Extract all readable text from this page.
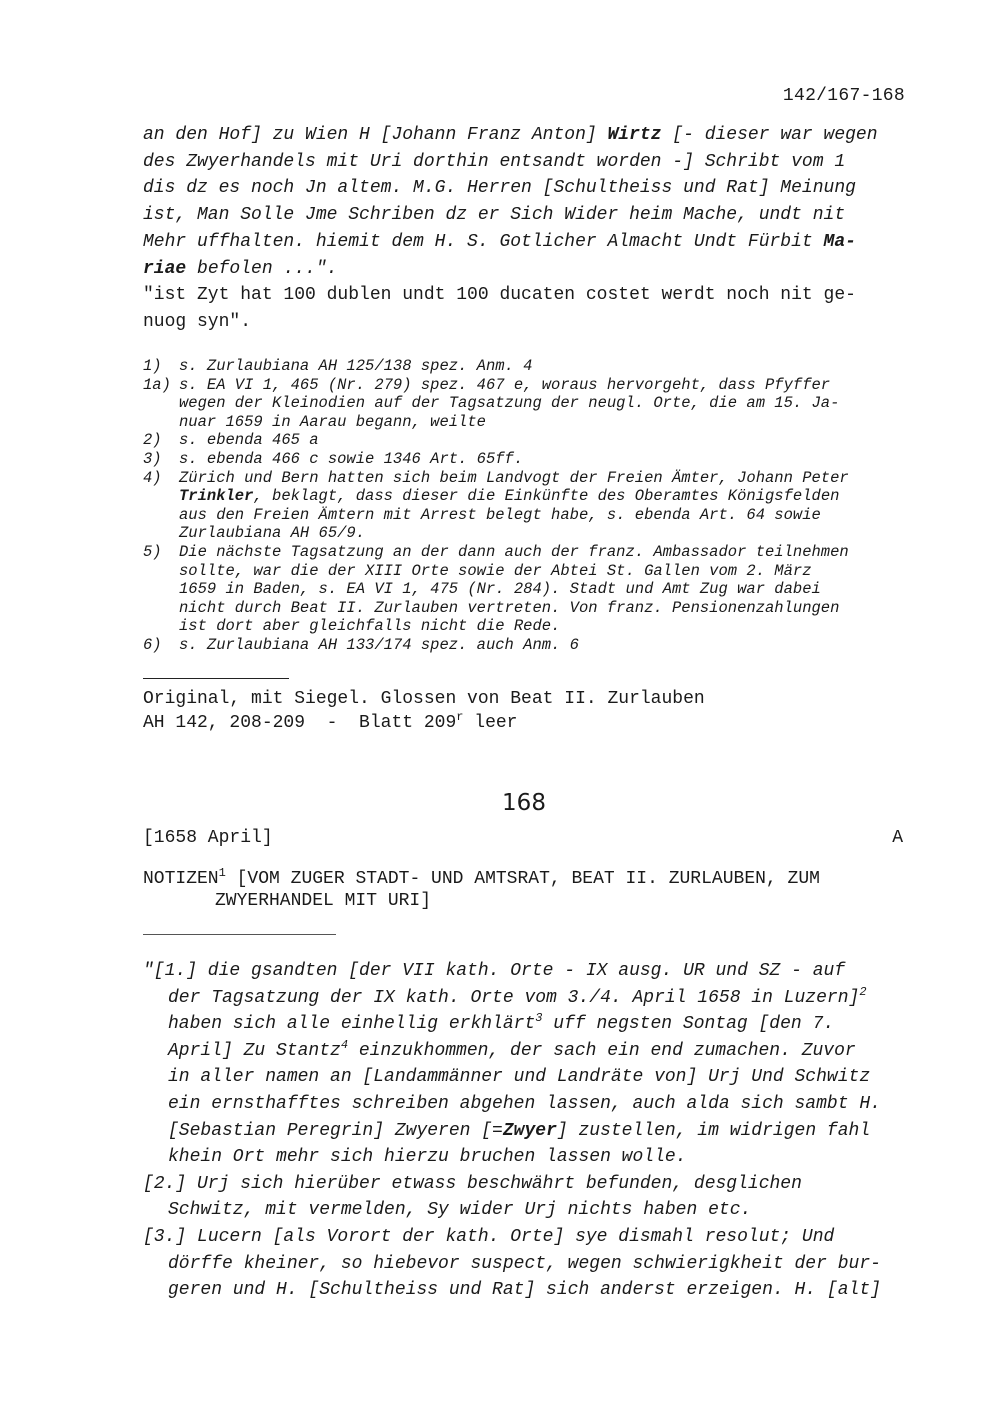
142/167-168
an den Hof] zu Wien H [Johann Franz Anton] Wirtz [- dieser war wegen
des Zwyerhandels mit Uri dorthin entsandt worden -] Schribt vom 1
dis dz es noch Jn altem. M.G. Herren [Schultheiss und Rat] Meinung
ist, Man Solle Jme Schriben dz er Sich Wider heim Mache, undt nit
Mehr uffhalten. hiemit dem H. S. Gotlicher Almacht Undt Fürbit Ma-
riae befolen ...".
"ist Zyt hat 100 dublen undt 100 ducaten costet werdt noch nit ge-
nuog syn".
1) s. Zurlaubiana AH 125/138 spez. Anm. 4
1a) s. EA VI 1, 465 (Nr. 279) spez. 467 e, woraus hervorgeht, dass Pfyffer
wegen der Kleinodien auf der Tagsatzung der neugl. Orte, die am 15. Ja-
nuar 1659 in Aarau begann, weilte
2) s. ebenda 465 a
3) s. ebenda 466 c sowie 1346 Art. 65ff.
4) Zürich und Bern hatten sich beim Landvogt der Freien Ämter, Johann Peter
Trinkler, beklagt, dass dieser die Einkünfte des Oberamtes Königsfelden
aus den Freien Ämtern mit Arrest belegt habe, s. ebenda Art. 64 sowie
Zurlaubiana AH 65/9.
5) Die nächste Tagsatzung an der dann auch der franz. Ambassador teilnehmen
sollte, war die der XIII Orte sowie der Abtei St. Gallen vom 2. März
1659 in Baden, s. EA VI 1, 475 (Nr. 284). Stadt und Amt Zug war dabei
nicht durch Beat II. Zurlauben vertreten. Von franz. Pensionenzahlungen
ist dort aber gleichfalls nicht die Rede.
6) s. Zurlaubiana AH 133/174 spez. auch Anm. 6
Original, mit Siegel. Glossen von Beat II. Zurlauben
AH 142, 208-209  -  Blatt 209$^r$ leer
168
[1658 April]	A
NOTIZEN$^1$ [VOM ZUGER STADT- UND AMTSRAT, BEAT II. ZURLAUBEN, ZUM
ZWYERHANDEL MIT URI]
"[1.] die gsandten [der VII kath. Orte - IX ausg. UR und SZ - auf
der Tagsatzung der IX kath. Orte vom 3./4. April 1658 in Luzern]$^2$
haben sich alle einhellig erkhlärt$^3$ uff negsten Sontag [den 7.
April] Zu Stantz$^4$ einzukhommen, der sach ein end zumachen. Zuvor
in aller namen an [Landammänner und Landräte von] Urj Und Schwitz
ein ernsthafftes schreiben abgehen lassen, auch alda sich sambt H.
[Sebastian Peregrin] Zwyeren [=Zwyer] zustellen, im widrigen fahl
khein Ort mehr sich hierzu bruchen lassen wolle.
[2.] Urj sich hierüber etwass beschwährt befunden, desglichen
Schwitz, mit vermelden, Sy wider Urj nichts haben etc.
[3.] Lucern [als Vorort der kath. Orte] sye dismahl resolut; Und
dörffe kheiner, so hiebevor suspect, wegen schwierigkheit der bur-
geren und H. [Schultheiss und Rat] sich anderst erzeigen. H. [alt]
